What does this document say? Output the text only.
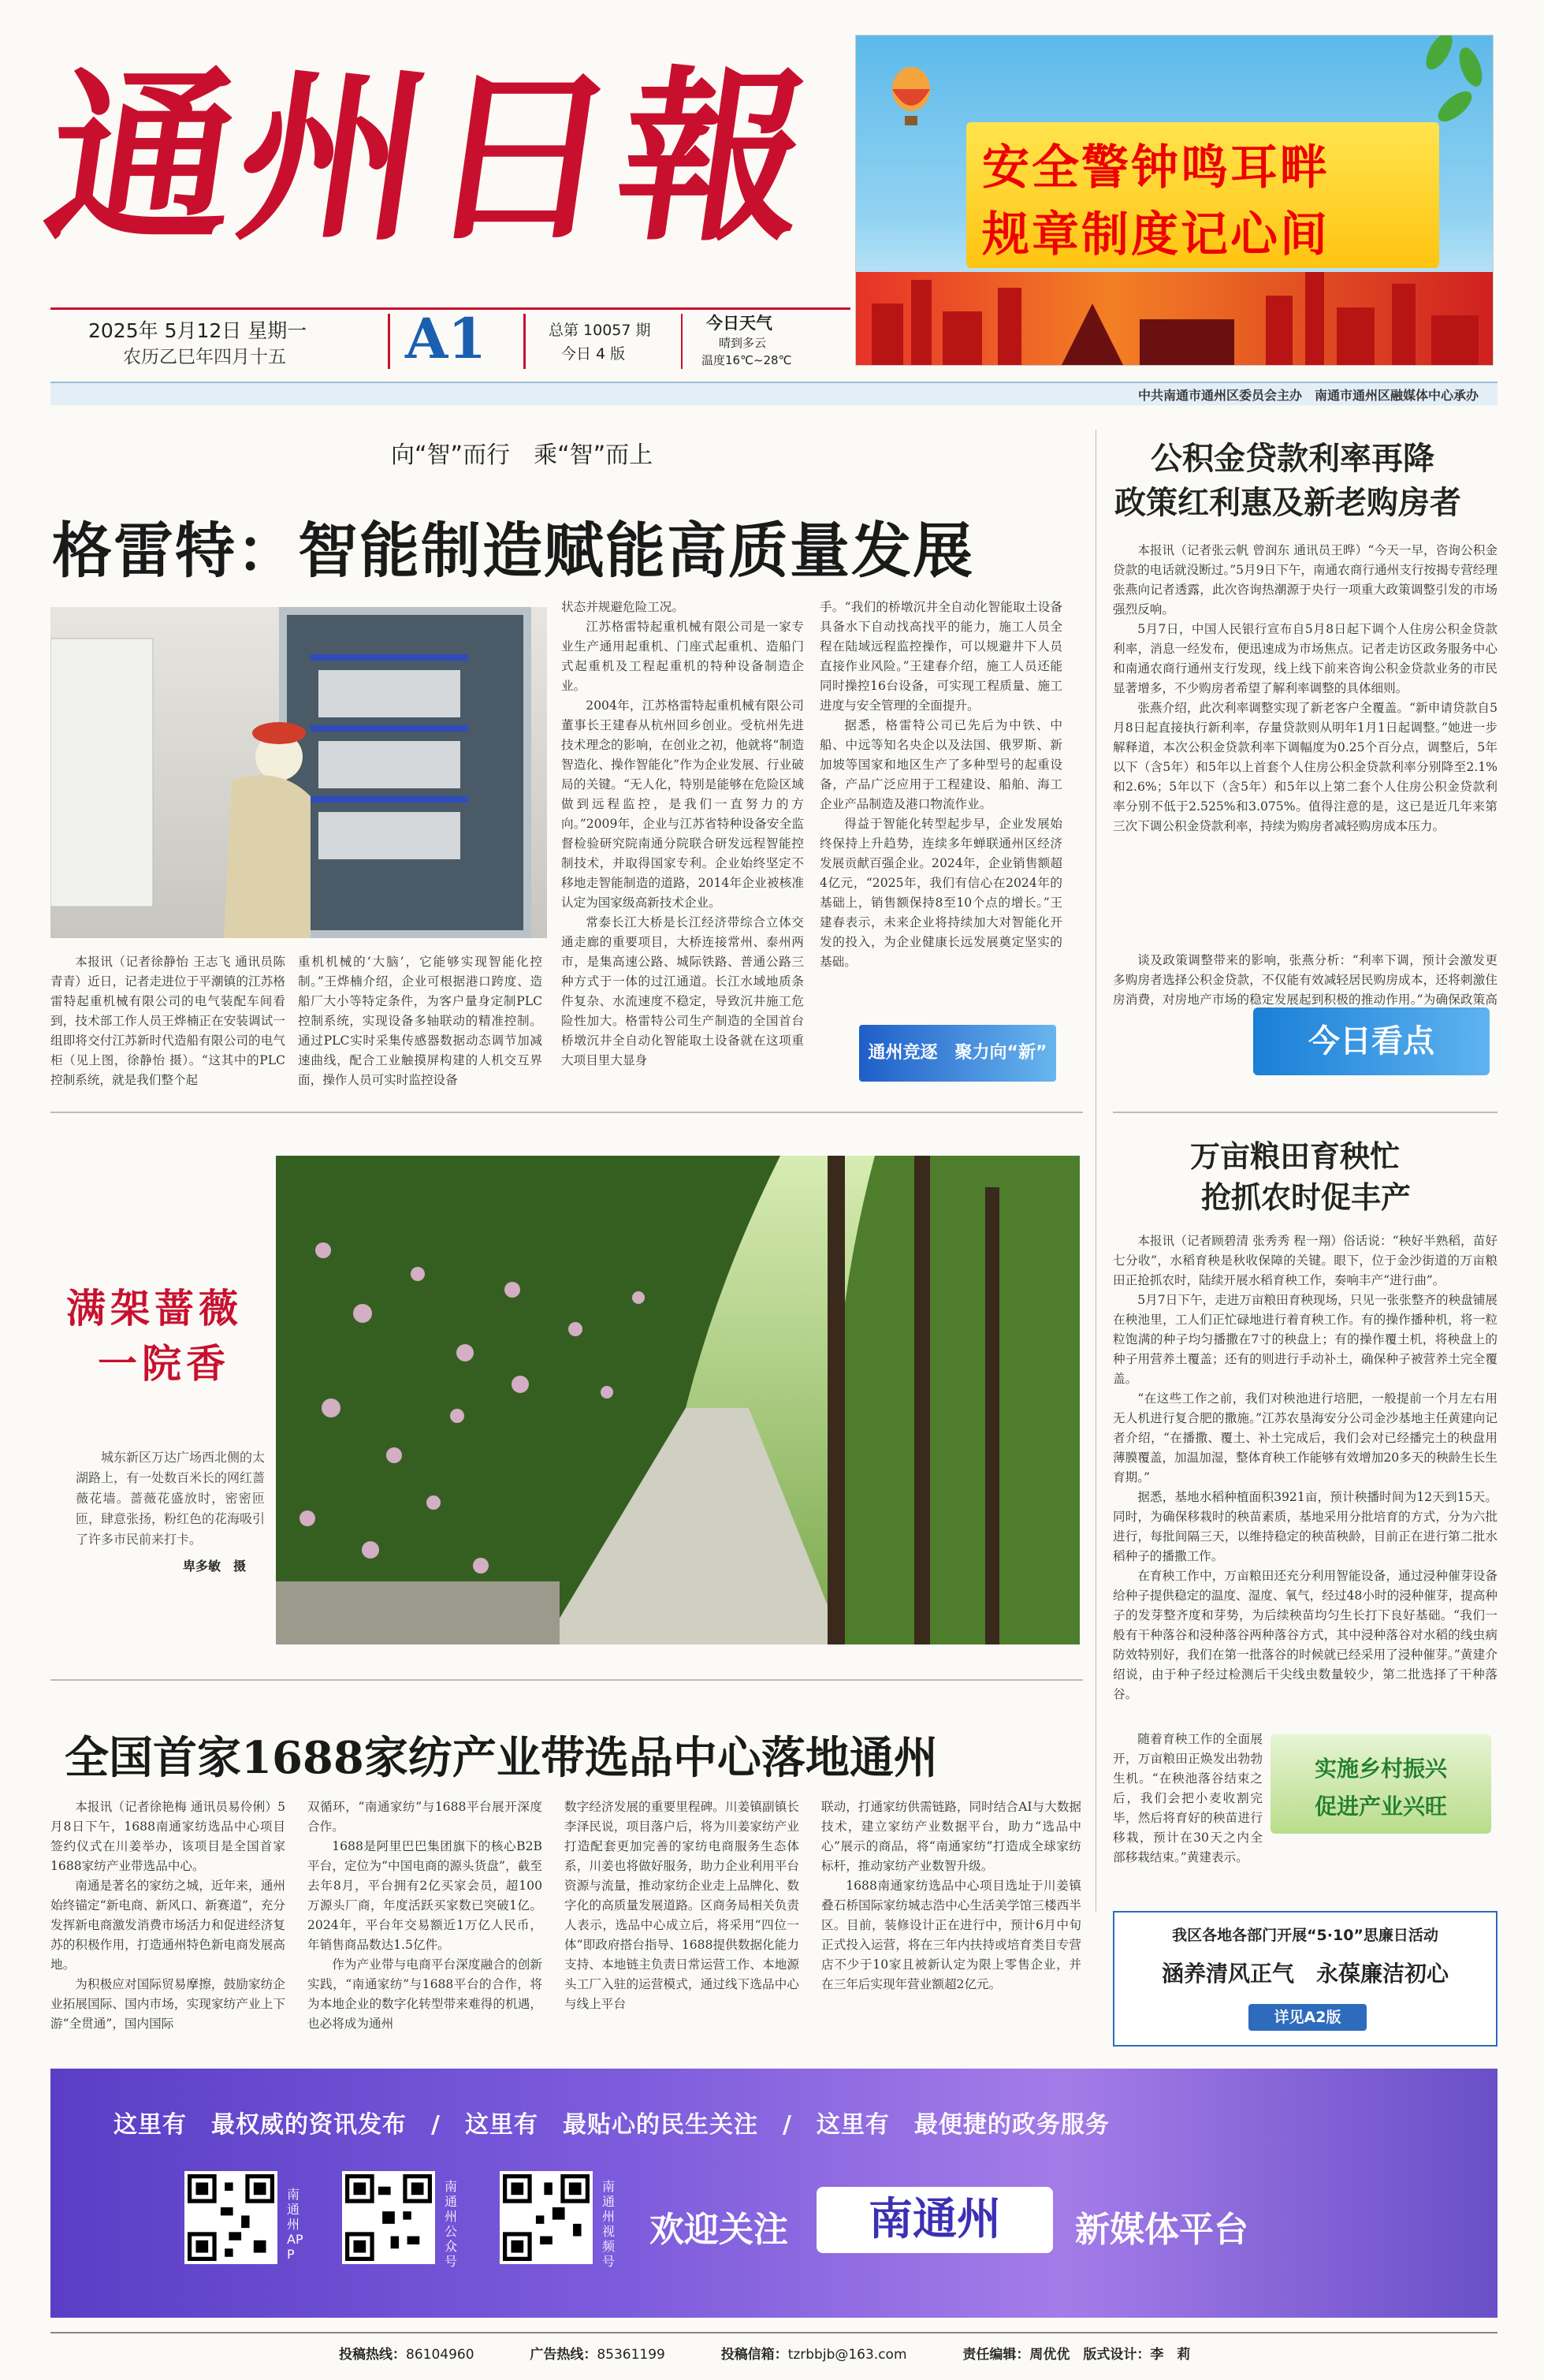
通州日報
2025年 5月12日 星期一
农历乙巳年四月十五 A1	总第 10057 期
今日 4 版
今日天气
晴到多云
温度16℃~28℃
安全警钟鸣耳畔
规章制度记心间
中共南通市通州区委员会主办　南通市通州区融媒体中心承办
向“智”而行　乘“智”而上
格雷特：智能制造赋能高质量发展

本报讯（记者徐静怡 王志飞 通讯员陈青青）近日，记者走进位于平潮镇的江苏格雷特起重机械有限公司的电气装配车间看到，技术部工作人员王烨楠正在安装调试一组即将交付江苏新时代造船有限公司的电气柜（见上图，徐静怡 摄）。“这其中的PLC控制系统，就是我们整个起

重机机械的‘大脑’，它能够实现智能化控制。”王烨楠介绍，企业可根据港口跨度、造船厂大小等特定条件，为客户量身定制PLC控制系统，实现设备多轴联动的精准控制。通过PLC实时采集传感器数据动态调节加减速曲线，配合工业触摸屏构建的人机交互界面，操作人员可实时监控设备

状态并规避危险工况。

江苏格雷特起重机械有限公司是一家专业生产通用起重机、门座式起重机、造船门式起重机及工程起重机的特种设备制造企业。

2004年，江苏格雷特起重机械有限公司董事长王建春从杭州回乡创业。受杭州先进技术理念的影响，在创业之初，他就将“制造智造化、操作智能化”作为企业发展、行业破局的关键。“无人化，特别是能够在危险区域做到远程监控，是我们一直努力的方向。”2009年，企业与江苏省特种设备安全监督检验研究院南通分院联合研发远程智能控制技术，并取得国家专利。企业始终坚定不移地走智能制造的道路，2014年企业被核准认定为国家级高新技术企业。

常泰长江大桥是长江经济带综合立体交通走廊的重要项目，大桥连接常州、泰州两市，是集高速公路、城际铁路、普通公路三种方式于一体的过江通道。长江水域地质条件复杂、水流速度不稳定，导致沉井施工危险性加大。格雷特公司生产制造的全国首台桥墩沉井全自动化智能取土设备就在这项重大项目里大显身

手。“我们的桥墩沉井全自动化智能取土设备具备水下自动找高找平的能力，施工人员全程在陆域远程监控操作，可以规避井下人员直接作业风险。”王建春介绍，施工人员还能同时操控16台设备，可实现工程质量、施工进度与安全管理的全面提升。

据悉，格雷特公司已先后为中铁、中船、中远等知名央企以及法国、俄罗斯、新加坡等国家和地区生产了多种型号的起重设备，产品广泛应用于工程建设、船舶、海工企业产品制造及港口物流作业。

得益于智能化转型起步早，企业发展始终保持上升趋势，连续多年蝉联通州区经济发展贡献百强企业。2024年，企业销售额超4亿元，“2025年，我们有信心在2024年的基础上，销售额保持8至10个点的增长。”王建春表示，未来企业将持续加大对智能化开发的投入，为企业健康长远发展奠定坚实的基础。

通州竞逐　聚力向“新”
公积金贷款利率再降
政策红利惠及新老购房者

本报讯（记者张云帆 曾润东 通讯员王晔）“今天一早，咨询公积金贷款的电话就没断过。”5月9日下午，南通农商行通州支行按揭专营经理张燕向记者透露，此次咨询热潮源于央行一项重大政策调整引发的市场强烈反响。

5月7日，中国人民银行宣布自5月8日起下调个人住房公积金贷款利率，消息一经发布，便迅速成为市场焦点。记者走访区政务服务中心和南通农商行通州支行发现，线上线下前来咨询公积金贷款业务的市民显著增多，不少购房者希望了解利率调整的具体细则。

张燕介绍，此次利率调整实现了新老客户全覆盖。“新申请贷款自5月8日起直接执行新利率，存量贷款则从明年1月1日起调整。”她进一步解释道，本次公积金贷款利率下调幅度为0.25个百分点，调整后，5年以下（含5年）和5年以上首套个人住房公积金贷款利率分别降至2.1%和2.6%；5年以下（含5年）和5年以上第二套个人住房公积金贷款利率分别不低于2.525%和3.075%。值得注意的是，这已是近几年来第三次下调公积金贷款利率，持续为购房者减轻购房成本压力。

谈及政策调整带来的影响，张燕分析：“利率下调，预计会激发更多购房者选择公积金贷款，不仅能有效减轻居民购房成本，还将刺激住房消费，对房地产市场的稳定发展起到积极的推动作用。”为确保政策高

今日看点
满架蔷薇
一院香

城东新区万达广场西北侧的太湖路上，有一处数百米长的网红蔷薇花墙。蔷薇花盛放时，密密匝匝，肆意张扬，粉红色的花海吸引了许多市民前来打卡。

卑多敏　摄
万亩粮田育秧忙
抢抓农时促丰产

本报讯（记者顾碧清 张秀秀 程一翔）俗话说：“秧好半熟稻，苗好七分收”，水稻育秧是秋收保障的关键。眼下，位于金沙街道的万亩粮田正抢抓农时，陆续开展水稻育秧工作，奏响丰产“进行曲”。

5月7日下午，走进万亩粮田育秧现场，只见一张张整齐的秧盘铺展在秧池里，工人们正忙碌地进行着育秧工作。有的操作播种机，将一粒粒饱满的种子均匀播撒在7寸的秧盘上；有的操作覆土机，将秧盘上的种子用营养土覆盖；还有的则进行手动补土，确保种子被营养土完全覆盖。

“在这些工作之前，我们对秧池进行培肥，一般提前一个月左右用无人机进行复合肥的撒施。”江苏农垦海安分公司金沙基地主任黄建向记者介绍，“在播撒、覆土、补土完成后，我们会对已经播完土的秧盘用薄膜覆盖，加温加湿，整体育秧工作能够有效增加20多天的秧龄生长生育期。”

据悉，基地水稻种植面积3921亩，预计秧播时间为12天到15天。同时，为确保移栽时的秧苗素质，基地采用分批培育的方式，分为六批进行，每批间隔三天，以维持稳定的秧苗秧龄，目前正在进行第二批水稻种子的播撒工作。

在育秧工作中，万亩粮田还充分利用智能设备，通过浸种催芽设备给种子提供稳定的温度、湿度、氧气，经过48小时的浸种催芽，提高种子的发芽整齐度和芽势，为后续秧苗均匀生长打下良好基础。“我们一般有干种落谷和浸种落谷两种落谷方式，其中浸种落谷对水稻的线虫病防效特别好，我们在第一批落谷的时候就已经采用了浸种催芽。”黄建介绍说，由于种子经过检测后干尖线虫数量较少，第二批选择了干种落谷。

随着育秧工作的全面展开，万亩粮田正焕发出勃勃生机。“在秧池落谷结束之后，我们会把小麦收割完毕，然后将育好的秧苗进行移栽，预计在30天之内全部移栽结束。”黄建表示。

实施乡村振兴
促进产业兴旺
我区各地各部门开展“5·10”思廉日活动
涵养清风正气　永葆廉洁初心
详见A2版
全国首家1688家纺产业带选品中心落地通州

本报讯（记者徐艳梅 通讯员易伶俐）5月8日下午，1688南通家纺选品中心项目签约仪式在川姜举办，该项目是全国首家1688家纺产业带选品中心。

南通是著名的家纺之城，近年来，通州始终锚定“新电商、新风口、新赛道”，充分发挥新电商激发消费市场活力和促进经济复苏的积极作用，打造通州特色新电商发展高地。

为积极应对国际贸易摩擦，鼓励家纺企业拓展国际、国内市场，实现家纺产业上下游“全贯通”，国内国际

双循环，“南通家纺”与1688平台展开深度合作。

1688是阿里巴巴集团旗下的核心B2B平台，定位为“中国电商的源头货盘”，截至去年8月，平台拥有2亿买家会员，超100万源头厂商，年度活跃买家数已突破1亿。2024年，平台年交易额近1万亿人民币，年销售商品数达1.5亿件。

作为产业带与电商平台深度融合的创新实践，“南通家纺”与1688平台的合作，将为本地企业的数字化转型带来难得的机遇，也必将成为通州

数字经济发展的重要里程碑。川姜镇副镇长李泽民说，项目落户后，将为川姜家纺产业打造配套更加完善的家纺电商服务生态体系，川姜也将做好服务，助力企业利用平台资源与流量，推动家纺企业走上品牌化、数字化的高质量发展道路。区商务局相关负责人表示，选品中心成立后，将采用“四位一体”即政府搭台指导、1688提供数据化能力支持、本地链主负责日常运营工作、本地源头工厂入驻的运营模式，通过线下选品中心与线上平台

联动，打通家纺供需链路，同时结合AI与大数据技术，建立家纺产业数据平台，助力“选品中心”展示的商品，将“南通家纺”打造成全球家纺标杆，推动家纺产业数智升级。

1688南通家纺选品中心项目选址于川姜镇叠石桥国际家纺城志浩中心生活美学馆三楼西半区。目前，装修设计正在进行中，预计6月中旬正式投入运营，将在三年内扶持或培育类目专营店不少于10家且被新认定为限上零售企业，并在三年后实现年营业额超2亿元。

这里有　最权威的资讯发布　/　这里有　最贴心的民生关注　/　这里有　最便捷的政务服务
南通州APP
南通州公众号
南通州视频号
欢迎关注	南通州	新媒体平台
投稿热线：86104960	广告热线：85361199	投稿信箱：tzrbbjb@163.com	责任编辑：周优优　版式设计：李　莉
